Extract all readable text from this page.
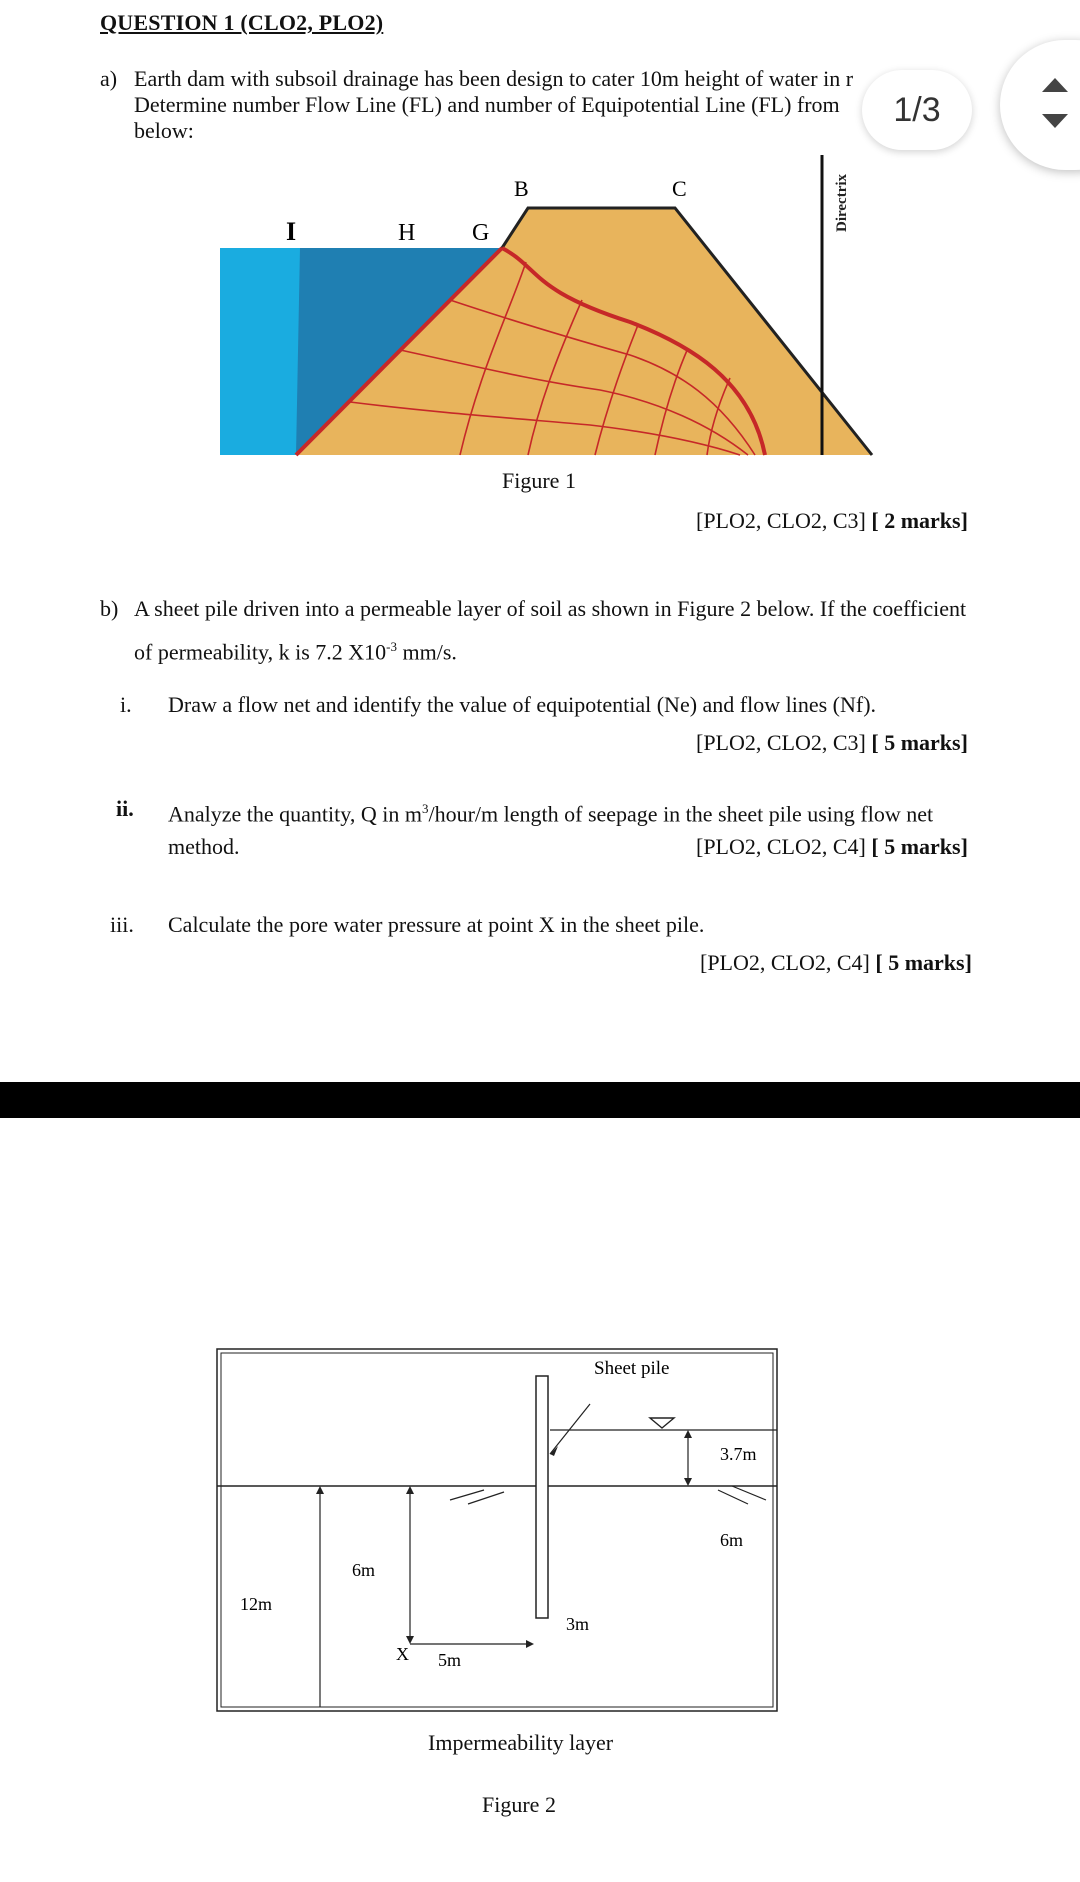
QUESTION 1 (CLO2, PLO2)
a) Earth dam with subsoil drainage has been design to cater 10m height of water in r
Determine number Flow Line (FL) and number of Equipotential Line (FL) from
below:
1/3
Directrix
I	H G
B	C
Figure 1
[PLO2, CLO2, C3] [ 2 marks]
b) A sheet pile driven into a permeable layer of soil as shown in Figure 2 below. If the coefficient
of permeability, k is 7.2 $X10^{-3}$ mm/s.
i. Draw a flow net and identify the value of equipotential (Ne) and flow lines (Nf).
[PLO2, CLO2, C3] [ 5 marks]
ii. Analyze the quantity, Q in $m^3/hour/m$ length of seepage in the sheet pile using flow net
method.	[PLO2, CLO2, C4] [ 5 marks]
iii. Calculate the pore water pressure at point X in the sheet pile.
[PLO2, CLO2, C4] [ 5 marks]
Sheet pile
3.7m
6m
6m
12m
3m
5m
X
Impermeability layer
Figure 2
